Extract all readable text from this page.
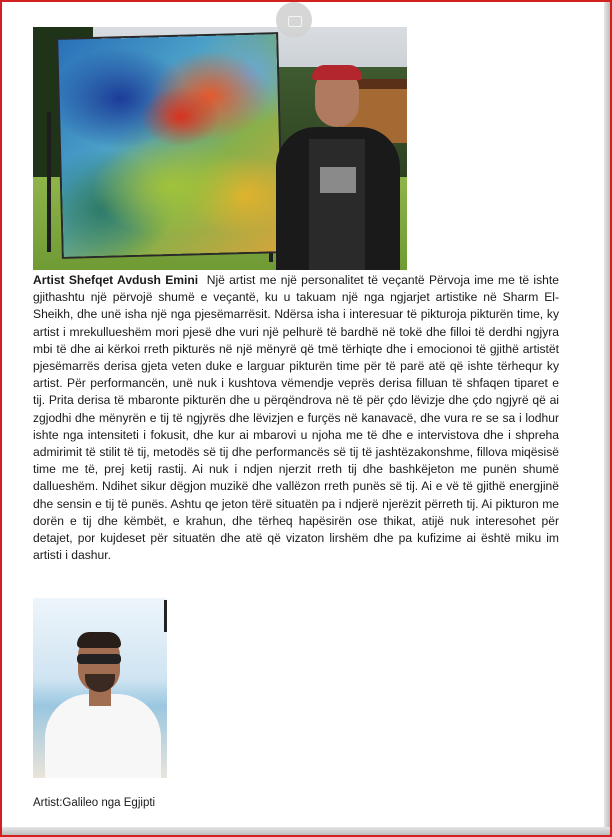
Artist Shefqet Avdush Emini Një artist me një personalitet të veçantë Përvoja ime me të ishte gjithashtu një përvojë shumë e veçantë, ku u takuam një nga ngjarjet artistike në Sharm El-Sheikh, dhe unë isha një nga pjesëmarrësit. Ndërsa isha i interesuar të pikturoja pikturën time, ky artist i mrekullueshëm mori pjesë dhe vuri një pelhurë të bardhë në tokë dhe filloi të derdhi ngjyra mbi të dhe ai kërkoi rreth pikturës në një mënyrë që tmë tërhiqte dhe i emocionoi të gjithë artistët pjesëmarrës derisa gjeta veten duke e larguar pikturën time për të parë atë që ishte tërhequr ky artist. Për performancën, unë nuk i kushtova vëmendje veprës derisa filluan të shfaqen tiparet e tij. Prita derisa të mbaronte pikturën dhe u përqëndrova në të për çdo lëvizje dhe çdo ngjyrë që ai zgjodhi dhe mënyrën e tij të ngjyrës dhe lëvizjen e furçës në kanavacë, dhe vura re se sa i lodhur ishte nga intensiteti i fokusit, dhe kur ai mbarovi u njoha me të dhe e intervistova dhe i shpreha admirimit të stilit të tij, metodës së tij dhe performancës së tij të jashtëzakonshme, fillova miqësisë time me të, prej ketij rastij. Ai nuk i ndjen njerzit rreth tij dhe bashkëjeton me punën shumë dallueshëm. Ndihet sikur dëgjon muzikë dhe vallëzon rreth punës së tij. Ai e vë të gjithë energjinë dhe sensin e tij të punës. Ashtu qe jeton tërë situatën pa i ndjerë njerëzit përreth tij. Ai pikturon me dorën e tij dhe këmbët, e krahun, dhe tërheq hapësirën ose thikat, atijë nuk interesohet për detajet, por kujdeset për situatën dhe atë që vizaton lirshëm dhe pa kufizime ai është miku im artisti i dashur.
Artist:Galileo nga Egjipti
